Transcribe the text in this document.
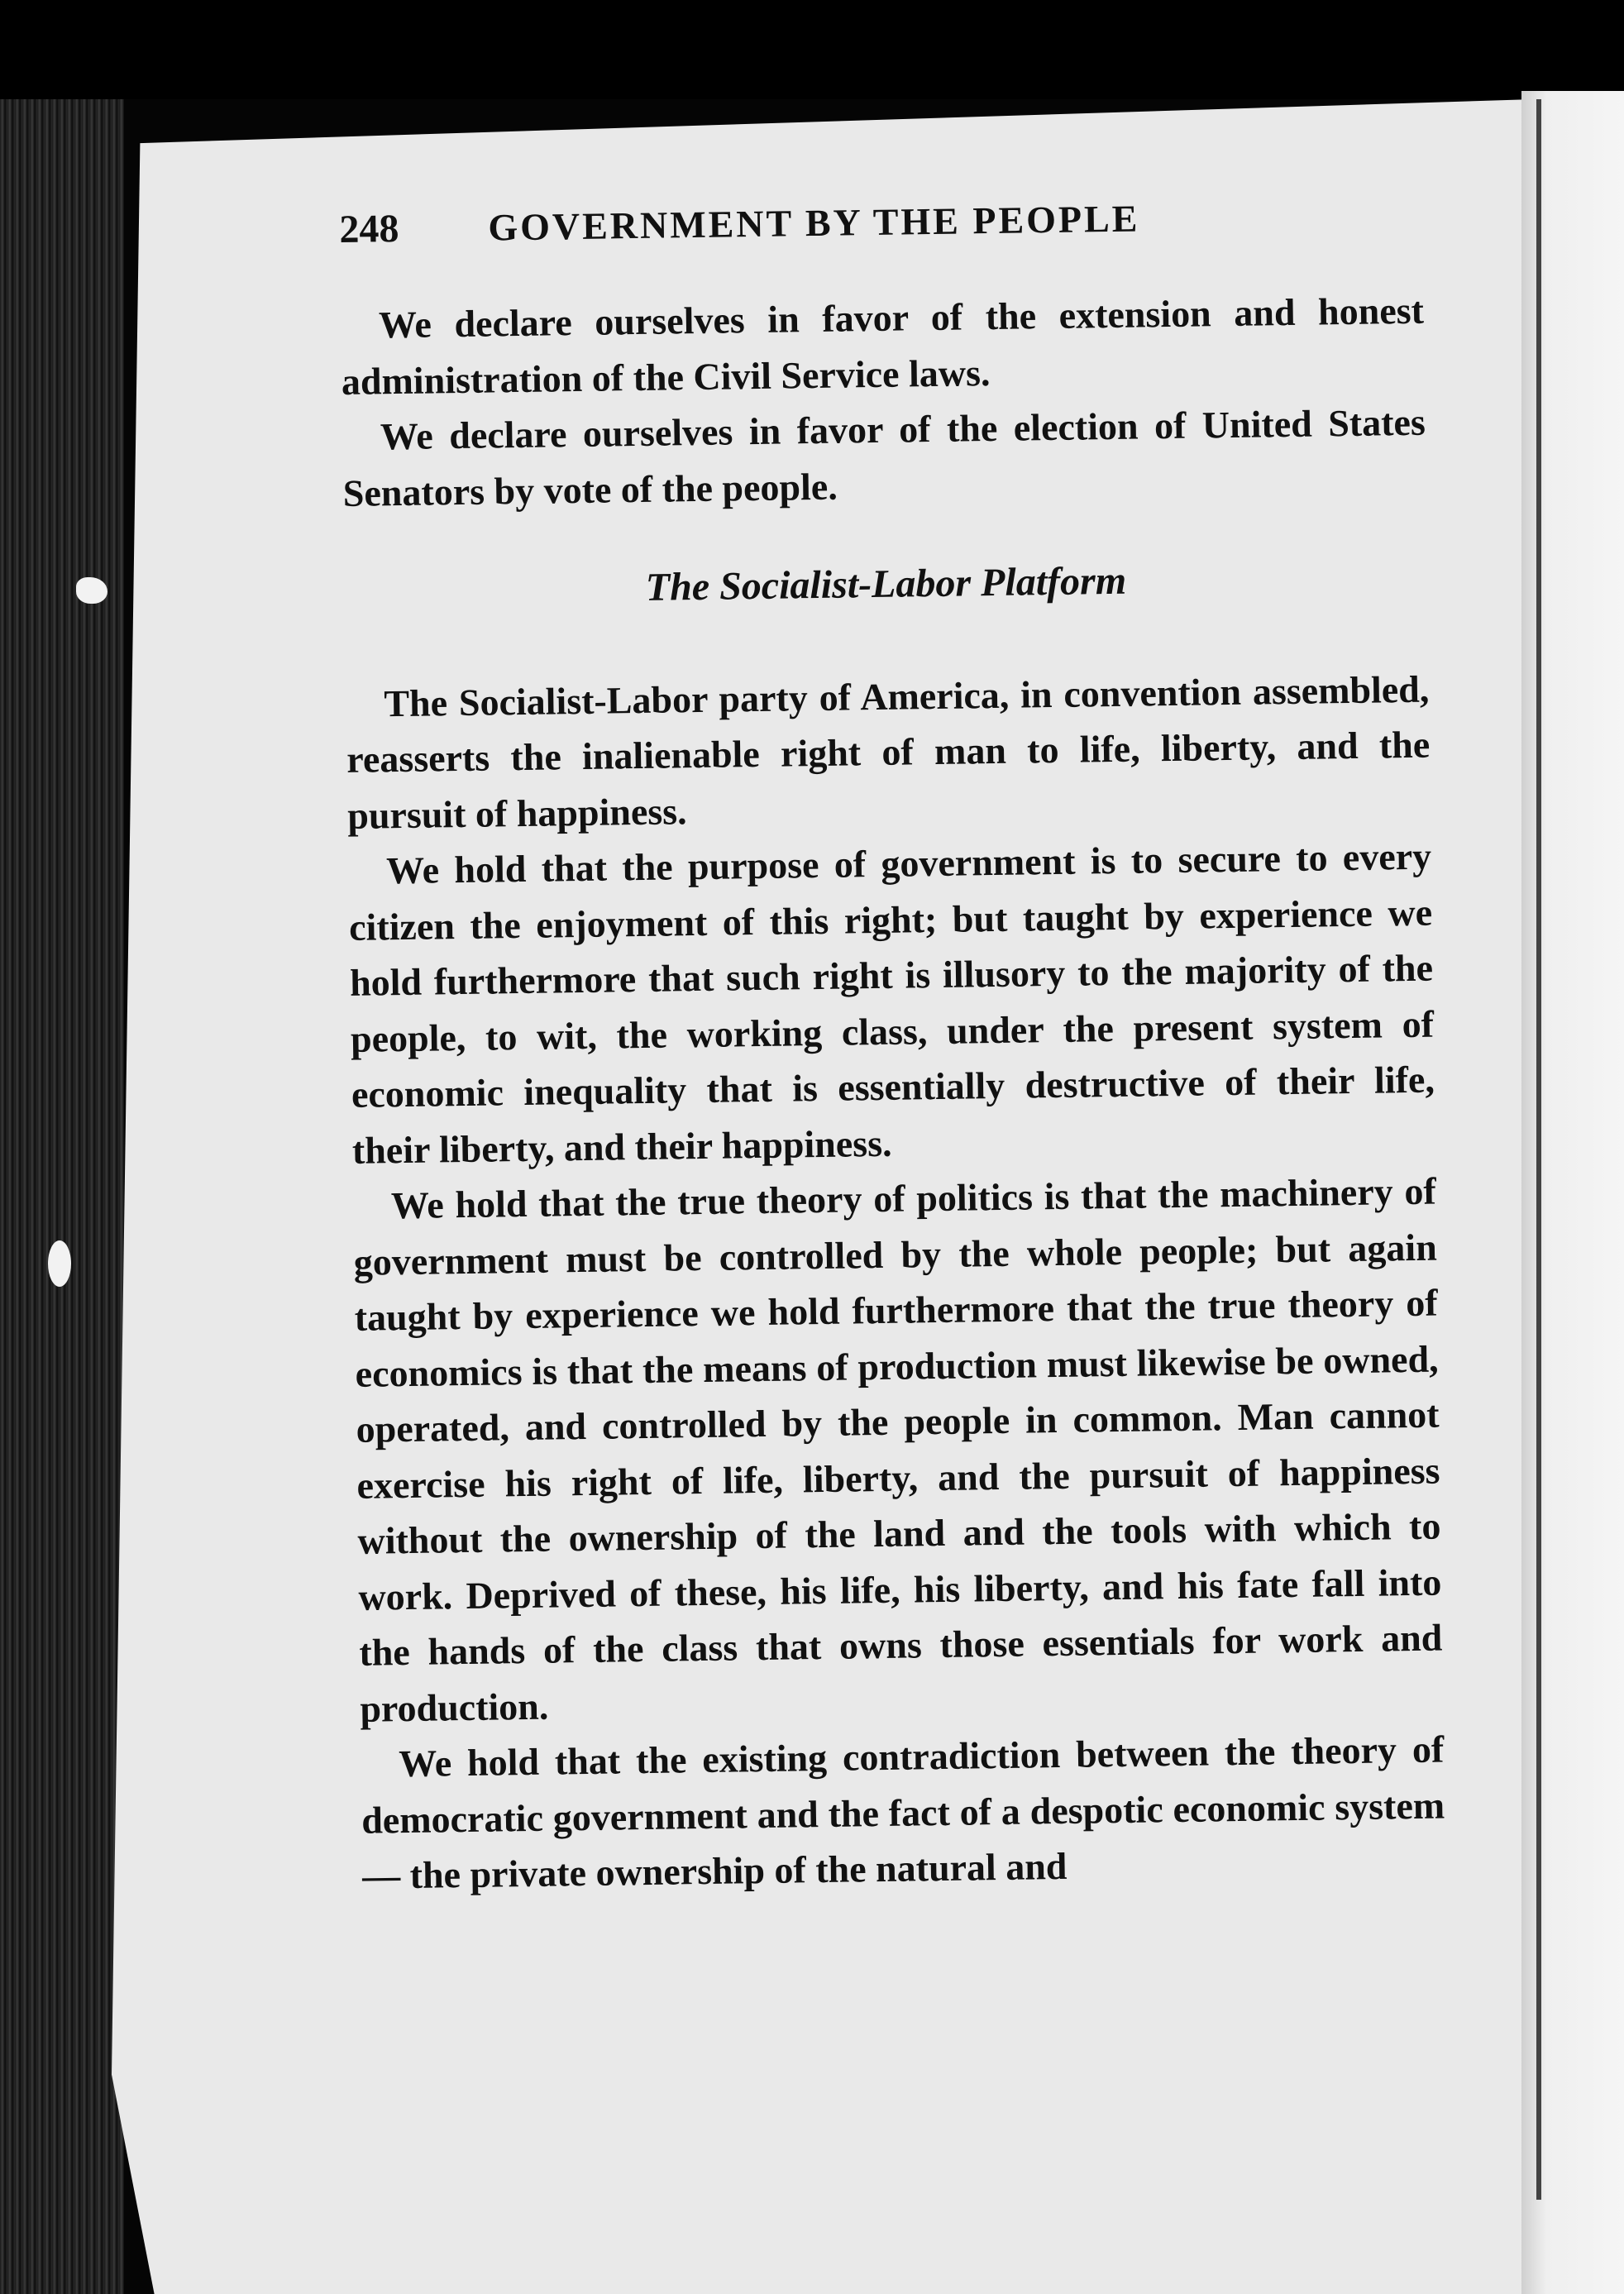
248	GOVERNMENT BY THE PEOPLE

We declare ourselves in favor of the extension and honest administration of the Civil Service laws.

We declare ourselves in favor of the election of United States Senators by vote of the people.

The Socialist-Labor Platform

The Socialist-Labor party of America, in convention assembled, reasserts the inalienable right of man to life, liberty, and the pursuit of happiness.

We hold that the purpose of government is to secure to every citizen the enjoyment of this right; but taught by experience we hold furthermore that such right is illusory to the majority of the people, to wit, the working class, under the present system of economic inequality that is essentially destructive of their life, their liberty, and their happiness.

We hold that the true theory of politics is that the machinery of government must be controlled by the whole people; but again taught by experience we hold furthermore that the true theory of economics is that the means of production must likewise be owned, operated, and controlled by the people in common. Man cannot exercise his right of life, liberty, and the pursuit of happiness without the ownership of the land and the tools with which to work. Deprived of these, his life, his liberty, and his fate fall into the hands of the class that owns those essentials for work and production.

We hold that the existing contradiction between the theory of democratic government and the fact of a despotic economic system — the private ownership of the natural and
